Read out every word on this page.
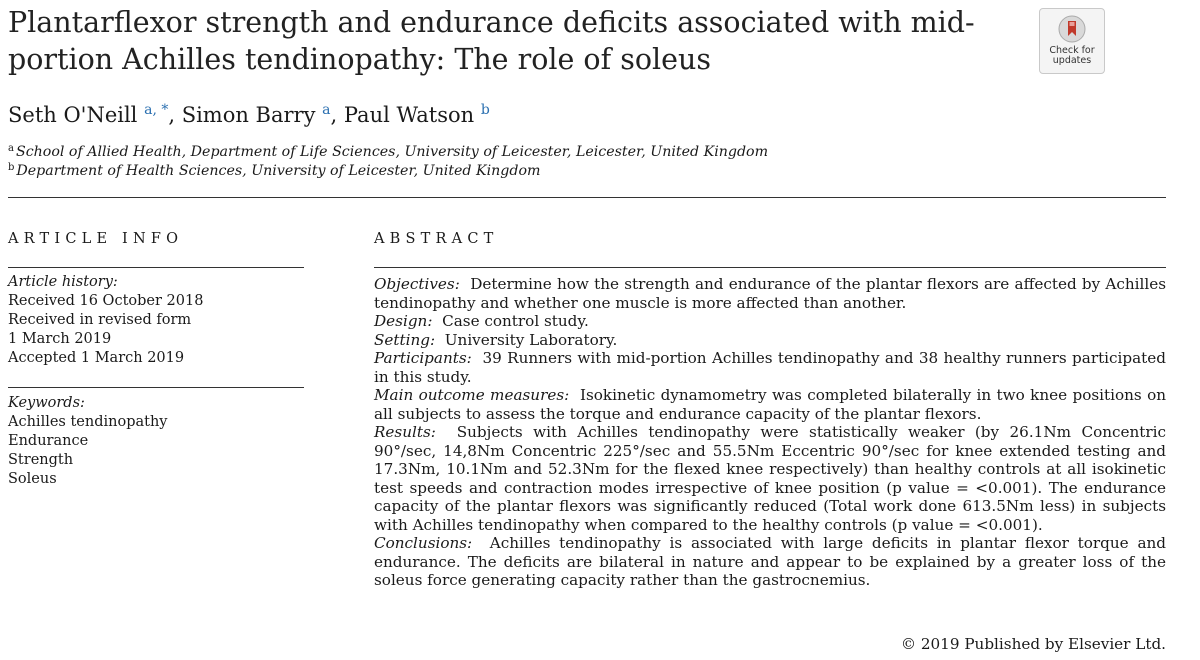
Plantarflexor strength and endurance deficits associated with mid-portion Achilles tendinopathy: The role of soleus	Check for
updates
Seth O'Neill $^{a, *}$, Simon Barry $^a$, Paul Watson $^b$
$^a$ School of Allied Health, Department of Life Sciences, University of Leicester, Leicester, United Kingdom
$^b$ Department of Health Sciences, University of Leicester, United Kingdom
ARTICLE INFO	ABSTRACT
Article history:
Received 16 October 2018
Received in revised form
1 March 2019
Accepted 1 March 2019
Keywords:
Achilles tendinopathy
Endurance
Strength
Soleus

Objectives: Determine how the strength and endurance of the plantar flexors are affected by Achilles tendinopathy and whether one muscle is more affected than another.

Design: Case control study.

Setting: University Laboratory.

Participants: 39 Runners with mid-portion Achilles tendinopathy and 38 healthy runners participated in this study.

Main outcome measures: Isokinetic dynamometry was completed bilaterally in two knee positions on all subjects to assess the torque and endurance capacity of the plantar flexors.

Results: Subjects with Achilles tendinopathy were statistically weaker (by 26.1Nm Concentric 90°/sec, 14,8Nm Concentric 225°/sec and 55.5Nm Eccentric 90°/sec for knee extended testing and 17.3Nm, 10.1Nm and 52.3Nm for the flexed knee respectively) than healthy controls at all isokinetic test speeds and contraction modes irrespective of knee position (p value = <0.001). The endurance capacity of the plantar flexors was significantly reduced (Total work done 613.5Nm less) in subjects with Achilles tendinopathy when compared to the healthy controls (p value = <0.001).

Conclusions: Achilles tendinopathy is associated with large deficits in plantar flexor torque and endurance. The deficits are bilateral in nature and appear to be explained by a greater loss of the soleus force generating capacity rather than the gastrocnemius.

© 2019 Published by Elsevier Ltd.
